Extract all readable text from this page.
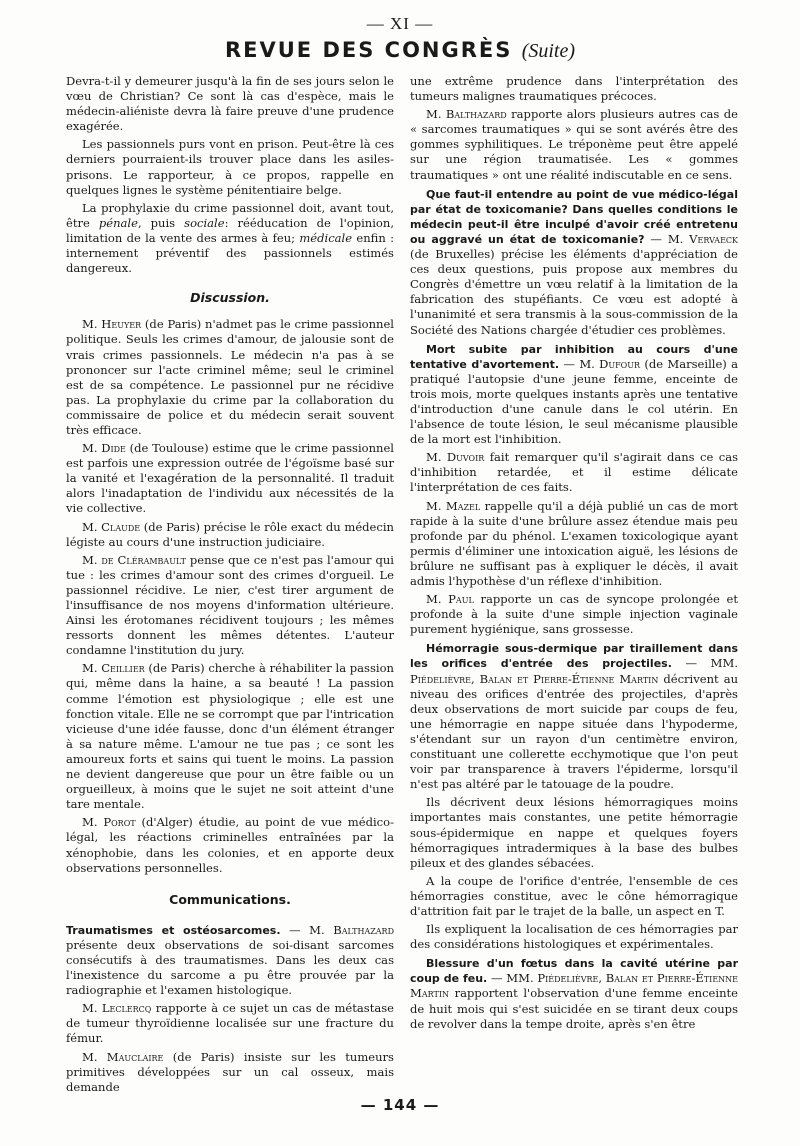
— XI —
REVUE DES CONGRÈS (Suite)

Devra-t-il y demeurer jusqu'à la fin de ses jours selon le vœu de Christian? Ce sont là cas d'espèce, mais le médecin-aliéniste devra là faire preuve d'une prudence exagérée.

Les passionnels purs vont en prison. Peut-être là ces derniers pourraient-ils trouver place dans les asiles-prisons. Le rapporteur, à ce propos, rappelle en quelques lignes le système pénitentiaire belge.

La prophylaxie du crime passionnel doit, avant tout, être pénale, puis sociale: rééducation de l'opinion, limitation de la vente des armes à feu; médicale enfin : internement préventif des passionnels estimés dangereux.

Discussion.

M. Heuyer (de Paris) n'admet pas le crime passionnel politique. Seuls les crimes d'amour, de jalousie sont de vrais crimes passionnels. Le médecin n'a pas à se prononcer sur l'acte criminel même; seul le criminel est de sa compétence. Le passionnel pur ne récidive pas. La prophylaxie du crime par la collaboration du commissaire de police et du médecin serait souvent très efficace.

M. Dide (de Toulouse) estime que le crime passionnel est parfois une expression outrée de l'égoïsme basé sur la vanité et l'exagération de la personnalité. Il traduit alors l'inadaptation de l'individu aux nécessités de la vie collective.

M. Claude (de Paris) précise le rôle exact du médecin légiste au cours d'une instruction judiciaire.

M. de Clérambault pense que ce n'est pas l'amour qui tue : les crimes d'amour sont des crimes d'orgueil. Le passionnel récidive. Le nier, c'est tirer argument de l'insuffisance de nos moyens d'information ultérieure. Ainsi les érotomanes récidivent toujours ; les mêmes ressorts donnent les mêmes détentes. L'auteur condamne l'institution du jury.

M. Ceillier (de Paris) cherche à réhabiliter la passion qui, même dans la haine, a sa beauté ! La passion comme l'émotion est physiologique ; elle est une fonction vitale. Elle ne se corrompt que par l'intrication vicieuse d'une idée fausse, donc d'un élément étranger à sa nature même. L'amour ne tue pas ; ce sont les amoureux forts et sains qui tuent le moins. La passion ne devient dangereuse que pour un être faible ou un orgueilleux, à moins que le sujet ne soit atteint d'une tare mentale.

M. Porot (d'Alger) étudie, au point de vue médico-légal, les réactions criminelles entraînées par la xénophobie, dans les colonies, et en apporte deux observations personnelles.

Communications.

Traumatismes et ostéosarcomes. — M. Balthazard présente deux observations de soi-disant sarcomes consécutifs à des traumatismes. Dans les deux cas l'inexistence du sarcome a pu être prouvée par la radiographie et l'examen histologique.

M. Leclercq rapporte à ce sujet un cas de métastase de tumeur thyroïdienne localisée sur une fracture du fémur.

M. Mauclaire (de Paris) insiste sur les tumeurs primitives développées sur un cal osseux, mais demande

une extrême prudence dans l'interprétation des tumeurs malignes traumatiques précoces.

M. Balthazard rapporte alors plusieurs autres cas de « sarcomes traumatiques » qui se sont avérés être des gommes syphilitiques. Le tréponème peut être appelé sur une région traumatisée. Les « gommes traumatiques » ont une réalité indiscutable en ce sens.

Que faut-il entendre au point de vue médico-légal par état de toxicomanie? Dans quelles conditions le médecin peut-il être inculpé d'avoir créé entretenu ou aggravé un état de toxicomanie? — M. Vervaeck (de Bruxelles) précise les éléments d'appréciation de ces deux questions, puis propose aux membres du Congrès d'émettre un vœu relatif à la limitation de la fabrication des stupéfiants. Ce vœu est adopté à l'unanimité et sera transmis à la sous-commission de la Société des Nations chargée d'étudier ces problèmes.

Mort subite par inhibition au cours d'une tentative d'avortement. — M. Dufour (de Marseille) a pratiqué l'autopsie d'une jeune femme, enceinte de trois mois, morte quelques instants après une tentative d'introduction d'une canule dans le col utérin. En l'absence de toute lésion, le seul mécanisme plausible de la mort est l'inhibition.

M. Duvoir fait remarquer qu'il s'agirait dans ce cas d'inhibition retardée, et il estime délicate l'interprétation de ces faits.

M. Mazel rappelle qu'il a déjà publié un cas de mort rapide à la suite d'une brûlure assez étendue mais peu profonde par du phénol. L'examen toxicologique ayant permis d'éliminer une intoxication aiguë, les lésions de brûlure ne suffisant pas à expliquer le décès, il avait admis l'hypothèse d'un réflexe d'inhibition.

M. Paul rapporte un cas de syncope prolongée et profonde à la suite d'une simple injection vaginale purement hygiénique, sans grossesse.

Hémorragie sous-dermique par tiraillement dans les orifices d'entrée des projectiles. — MM. Piédelièvre, Balan et Pierre-Étienne Martin décrivent au niveau des orifices d'entrée des projectiles, d'après deux observations de mort suicide par coups de feu, une hémorragie en nappe située dans l'hypoderme, s'étendant sur un rayon d'un centimètre environ, constituant une collerette ecchymotique que l'on peut voir par transparence à travers l'épiderme, lorsqu'il n'est pas altéré par le tatouage de la poudre.

Ils décrivent deux lésions hémorragiques moins importantes mais constantes, une petite hémorragie sous-épidermique en nappe et quelques foyers hémorragiques intradermiques à la base des bulbes pileux et des glandes sébacées.

A la coupe de l'orifice d'entrée, l'ensemble de ces hémorragies constitue, avec le cône hémorragique d'attrition fait par le trajet de la balle, un aspect en T.

Ils expliquent la localisation de ces hémorragies par des considérations histologiques et expérimentales.

Blessure d'un fœtus dans la cavité utérine par coup de feu. — MM. Piédelièvre, Balan et Pierre-Étienne Martin rapportent l'observation d'une femme enceinte de huit mois qui s'est suicidée en se tirant deux coups de revolver dans la tempe droite, après s'en être

— 144 —
